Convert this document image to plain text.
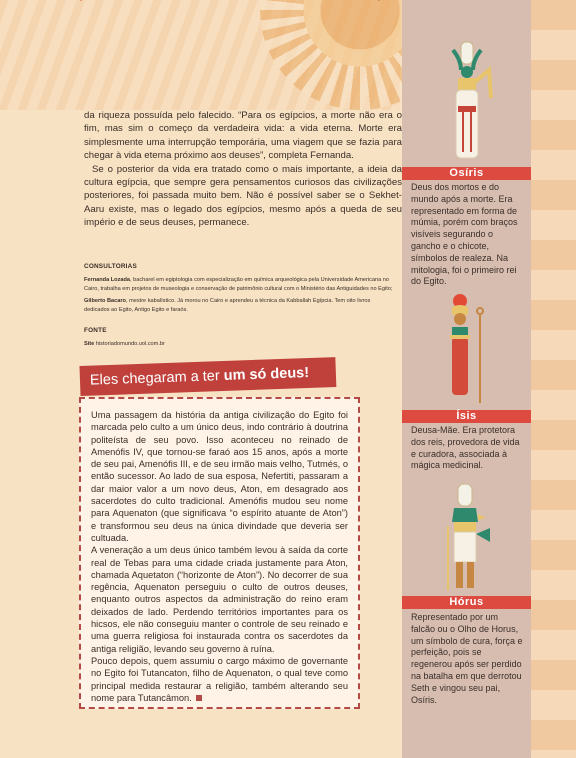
da riqueza possuída pelo falecido. “Para os egípcios, a morte não era o fim, mas sim o começo da verdadeira vida: a vida eterna. Morte era simplesmente uma interrupção temporária, uma viagem que se fazia para chegar à vida eterna próximo aos deuses”, completa Fernanda.

Se o posterior da vida era tratado como o mais importante, a ideia da cultura egípcia, que sempre gera pensamentos curiosos das civilizações posteriores, foi passada muito bem. Não é possível saber se o Sekhet-Aaru existe, mas o legado dos egípcios, mesmo após a queda de seu império e de seus deuses, permanece.

CONSULTORIAS

Fernanda Lozada, bacharel em egiptologia com especialização em química arqueológica pela Universidade Americana no Cairo, trabalha em projetos de museologia e conservação de patrimônio cultural com o Ministério das Antiguidades no Egito;

Gilberto Bacaro, mestre kabalístico. Já morou no Cairo e aprendeu a técnica da Kabballah Egípcia. Tem oito livros dedicados ao Egito, Antigo Egito e faraós.

FONTE

Site historiadomundo.uol.com.br

Eles chegaram a ter um só deus!
Uma passagem da história da antiga civilização do Egito foi marcada pelo culto a um único deus, indo contrário à doutrina politeísta de seu povo. Isso aconteceu no reinado de Amenófis IV, que tornou-se faraó aos 15 anos, após a morte de seu pai, Amenófis III, e de seu irmão mais velho, Tutmés, o então sucessor. Ao lado de sua esposa, Nefertiti, passaram a dar maior valor a um novo deus, Aton, em desagrado aos sacerdotes do culto tradicional. Amenófis mudou seu nome para Aquenaton (que significava “o espírito atuante de Aton”) e transformou seu deus na única divindade que deveria ser cultuada.
A veneração a um deus único também levou à saída da corte real de Tebas para uma cidade criada justamente para Aton, chamada Aquetaton (“horizonte de Aton”). No decorrer de sua regência, Aquenaton perseguiu o culto de outros deuses, enquanto outros aspectos da administração do reino eram deixados de lado. Perdendo territórios importantes para os hicsos, ele não conseguiu manter o controle de seu reinado e uma guerra religiosa foi instaurada contra os sacerdotes da antiga religião, levando seu governo à ruína.
Pouco depois, quem assumiu o cargo máximo de governante no Egito foi Tutancaton, filho de Aquenaton, o qual teve como principal medida restaurar a religião, também alterando seu nome para Tutancâmon.
Osíris
Deus dos mortos e do mundo após a morte. Era representado em forma de múmia, porém com braços visíveis segurando o gancho e o chicote, símbolos de realeza. Na mitologia, foi o primeiro rei do Egito.
Ísis
Deusa-Mãe. Era protetora dos reis, provedora de vida e curadora, associada à mágica medicinal.
Hórus
Representado por um falcão ou o Olho de Horus, um símbolo de cura, força e perfeição, pois se regenerou após ser perdido na batalha em que derrotou Seth e vingou seu pai, Osíris.
